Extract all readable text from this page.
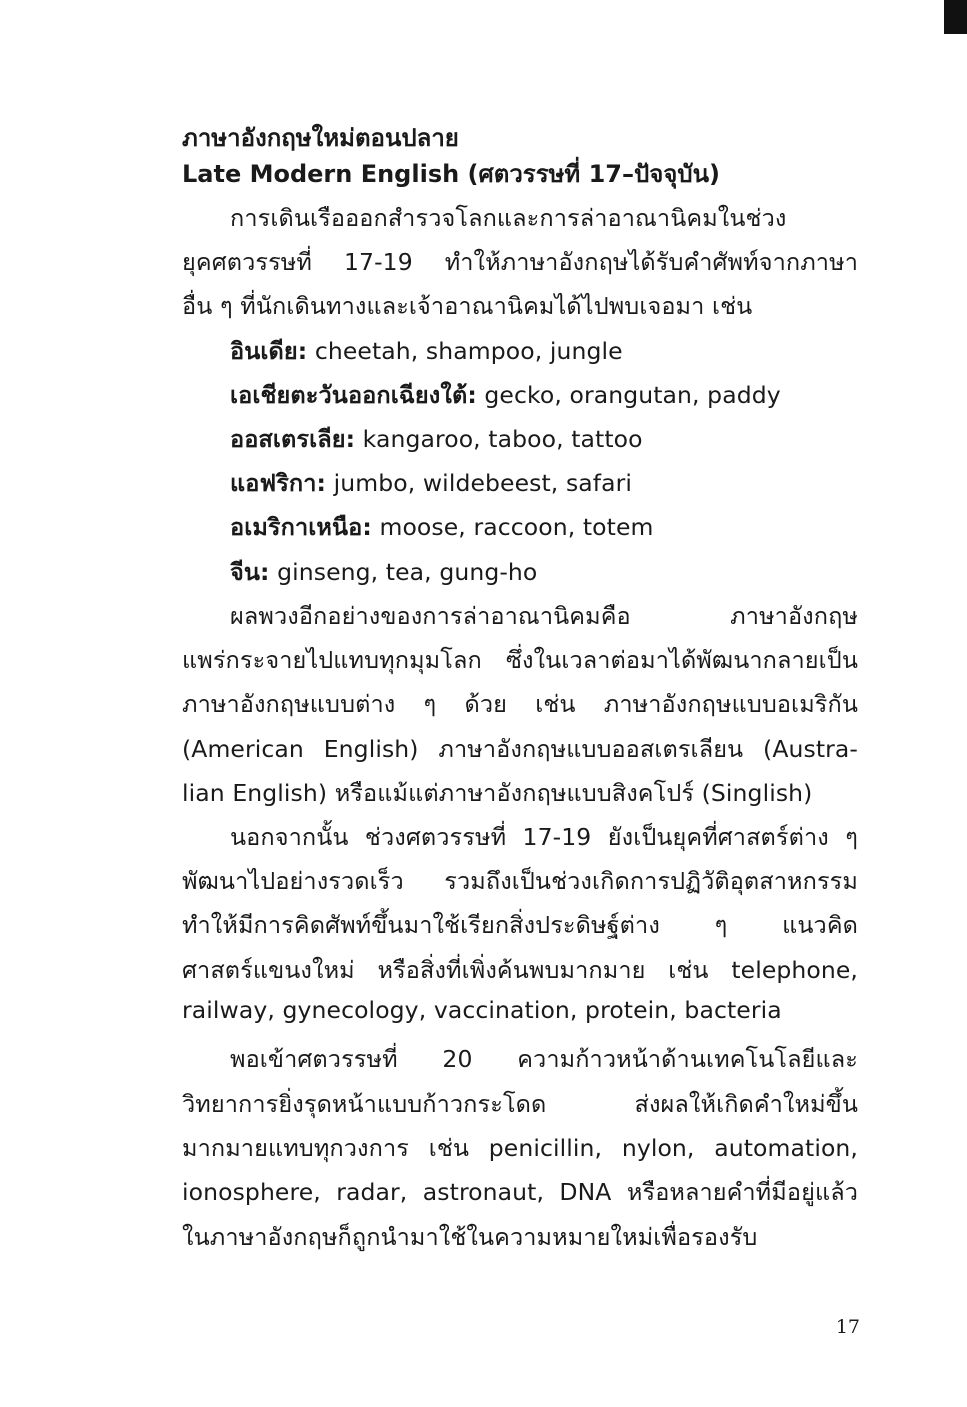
ภาษาอังกฤษใหม่ตอนปลาย
Late Modern English (ศตวรรษที่ 17–ปัจจุบัน)
การเดินเรือออกสำรวจโลกและการล่าอาณานิคมในช่วง
ยุคศตวรรษที่ 17-19 ทำให้ภาษาอังกฤษได้รับคำศัพท์จากภาษา
อื่น ๆ ที่นักเดินทางและเจ้าอาณานิคมได้ไปพบเจอมา เช่น
อินเดีย: cheetah, shampoo, jungle
เอเชียตะวันออกเฉียงใต้: gecko, orangutan, paddy
ออสเตรเลีย: kangaroo, taboo, tattoo
แอฟริกา: jumbo, wildebeest, safari
อเมริกาเหนือ: moose, raccoon, totem
จีน: ginseng, tea, gung-ho
ผลพวงอีกอย่างของการล่าอาณานิคมคือ ภาษาอังกฤษ
แพร่กระจายไปแทบทุกมุมโลก ซึ่งในเวลาต่อมาได้พัฒนากลายเป็น
ภาษาอังกฤษแบบต่าง ๆ ด้วย เช่น ภาษาอังกฤษแบบอเมริกัน
(American English) ภาษาอังกฤษแบบออสเตรเลียน (Austra-
lian English) หรือแม้แต่ภาษาอังกฤษแบบสิงคโปร์ (Singlish)
นอกจากนั้น ช่วงศตวรรษที่ 17-19 ยังเป็นยุคที่ศาสตร์ต่าง ๆ
พัฒนาไปอย่างรวดเร็ว รวมถึงเป็นช่วงเกิดการปฏิวัติอุตสาหกรรม
ทำให้มีการคิดศัพท์ขึ้นมาใช้เรียกสิ่งประดิษฐ์ต่าง ๆ แนวคิด
ศาสตร์แขนงใหม่ หรือสิ่งที่เพิ่งค้นพบมากมาย เช่น telephone,
railway, gynecology, vaccination, protein, bacteria
พอเข้าศตวรรษที่ 20 ความก้าวหน้าด้านเทคโนโลยีและ
วิทยาการยิ่งรุดหน้าแบบก้าวกระโดด ส่งผลให้เกิดคำใหม่ขึ้น
มากมายแทบทุกวงการ เช่น penicillin, nylon, automation,
ionosphere, radar, astronaut, DNA หรือหลายคำที่มีอยู่แล้ว
ในภาษาอังกฤษก็ถูกนำมาใช้ในความหมายใหม่เพื่อรองรับ
17
